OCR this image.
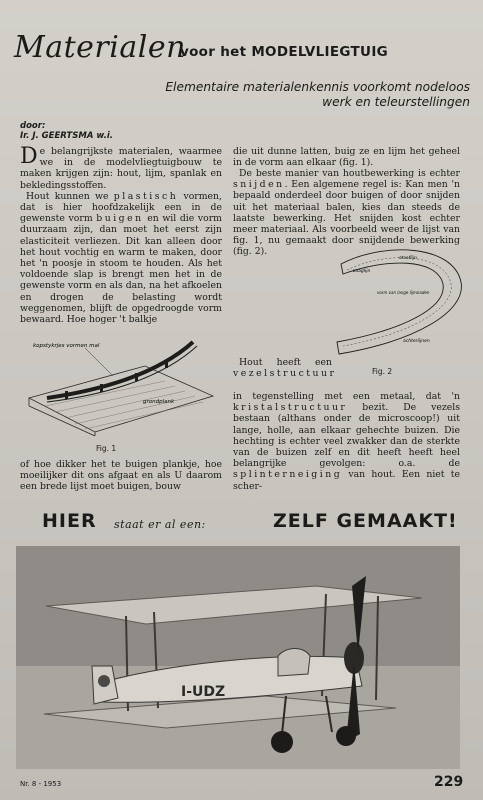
Materialen
voor het MODELVLIEGTUIG
Elementaire materialenkennis voorkomt nodeloos werk en teleurstellingen
door:
Ir. J. GEERTSMA w.i.

De belangrijkste materialen, waarmee we in de modelvliegtuigbouw te maken krijgen zijn: hout, lijm, spanlak en bekledingsstoffen.

Hout kunnen we plastisch vormen, dat is hier hoofdzakelijk een in de gewenste vorm buigen en wil die vorm duurzaam zijn, dan moet het eerst zijn elasticiteit verliezen. Dit kan alleen door het hout vochtig en warm te maken, door het 'n poosje in stoom te houden. Als het voldoende slap is brengt men het in de gewenste vorm en als dan, na het afkoelen en drogen de belasting wordt weggenomen, blijft de opgedroogde vorm bewaard. Hoe hoger 't balkje

kopstykrjes vormen mal
grondplank
Fig. 1

of hoe dikker het te buigen plankje, hoe moeilijker dit ons afgaat en als U daarom een brede lijst moet buigen, bouw

die uit dunne latten, buig ze en lijm het geheel in de vorm aan elkaar (fig. 1).

De beste manier van houtbewerking is echter snijden. Een algemene regel is: Kan men 'n bepaald onderdeel door buigen of door snijden uit het materiaal balen, kies dan steeds de laatste bewerking. Het snijden kost echter meer materiaal. Als voorbeeld weer de lijst van fig. 1, nu gemaakt door snijdende bewerking (fig. 2).

staaflijn
zaaglijn
vorm van lange lijmnaden
achterlijnen
Fig. 2

Hout heeft een vezelstructuur

in tegenstelling met een metaal, dat 'n kristalstructuur bezit. De vezels bestaan (althans onder de microscoop!) uit lange, holle, aan elkaar gehechte buizen. Die hechting is echter veel zwakker dan de sterkte van de buizen zelf en dit heeft heeft heel belangrijke gevolgen: o.a. de splinterneiging van hout. Een niet te scher-

HIER staat er al een:	ZELF GEMAAKT!
I-UDZ
Nr. 8 - 1953	229
